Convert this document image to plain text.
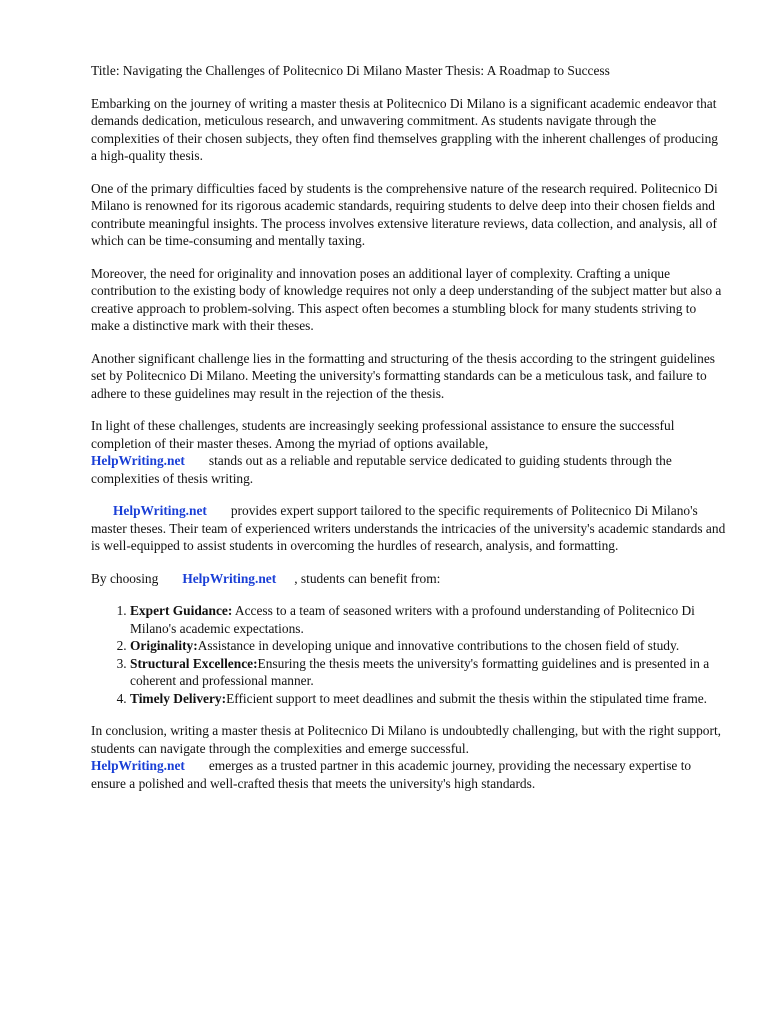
Title: Navigating the Challenges of Politecnico Di Milano Master Thesis: A Roadmap to Success

Embarking on the journey of writing a master thesis at Politecnico Di Milano is a significant academic endeavor that demands dedication, meticulous research, and unwavering commitment. As students navigate through the complexities of their chosen subjects, they often find themselves grappling with the inherent challenges of producing a high-quality thesis.

One of the primary difficulties faced by students is the comprehensive nature of the research required. Politecnico Di Milano is renowned for its rigorous academic standards, requiring students to delve deep into their chosen fields and contribute meaningful insights. The process involves extensive literature reviews, data collection, and analysis, all of which can be time-consuming and mentally taxing.

Moreover, the need for originality and innovation poses an additional layer of complexity. Crafting a unique contribution to the existing body of knowledge requires not only a deep understanding of the subject matter but also a creative approach to problem-solving. This aspect often becomes a stumbling block for many students striving to make a distinctive mark with their theses.

Another significant challenge lies in the formatting and structuring of the thesis according to the stringent guidelines set by Politecnico Di Milano. Meeting the university's formatting standards can be a meticulous task, and failure to adhere to these guidelines may result in the rejection of the thesis.

In light of these challenges, students are increasingly seeking professional assistance to ensure the successful completion of their master theses. Among the myriad of options available,
HelpWriting.net stands out as a reliable and reputable service dedicated to guiding students through the complexities of thesis writing.

HelpWriting.net provides expert support tailored to the specific requirements of Politecnico Di Milano's master theses. Their team of experienced writers understands the intricacies of the university's academic standards and is well-equipped to assist students in overcoming the hurdles of research, analysis, and formatting.

By choosing HelpWriting.net , students can benefit from:

1. Expert Guidance: Access to a team of seasoned writers with a profound understanding of Politecnico Di Milano's academic expectations.
2. Originality:Assistance in developing unique and innovative contributions to the chosen field of study.
3. Structural Excellence:Ensuring the thesis meets the university's formatting guidelines and is presented in a coherent and professional manner.
4. Timely Delivery:Efficient support to meet deadlines and submit the thesis within the stipulated time frame.

In conclusion, writing a master thesis at Politecnico Di Milano is undoubtedly challenging, but with the right support, students can navigate through the complexities and emerge successful.
HelpWriting.net emerges as a trusted partner in this academic journey, providing the necessary expertise to ensure a polished and well-crafted thesis that meets the university's high standards.
